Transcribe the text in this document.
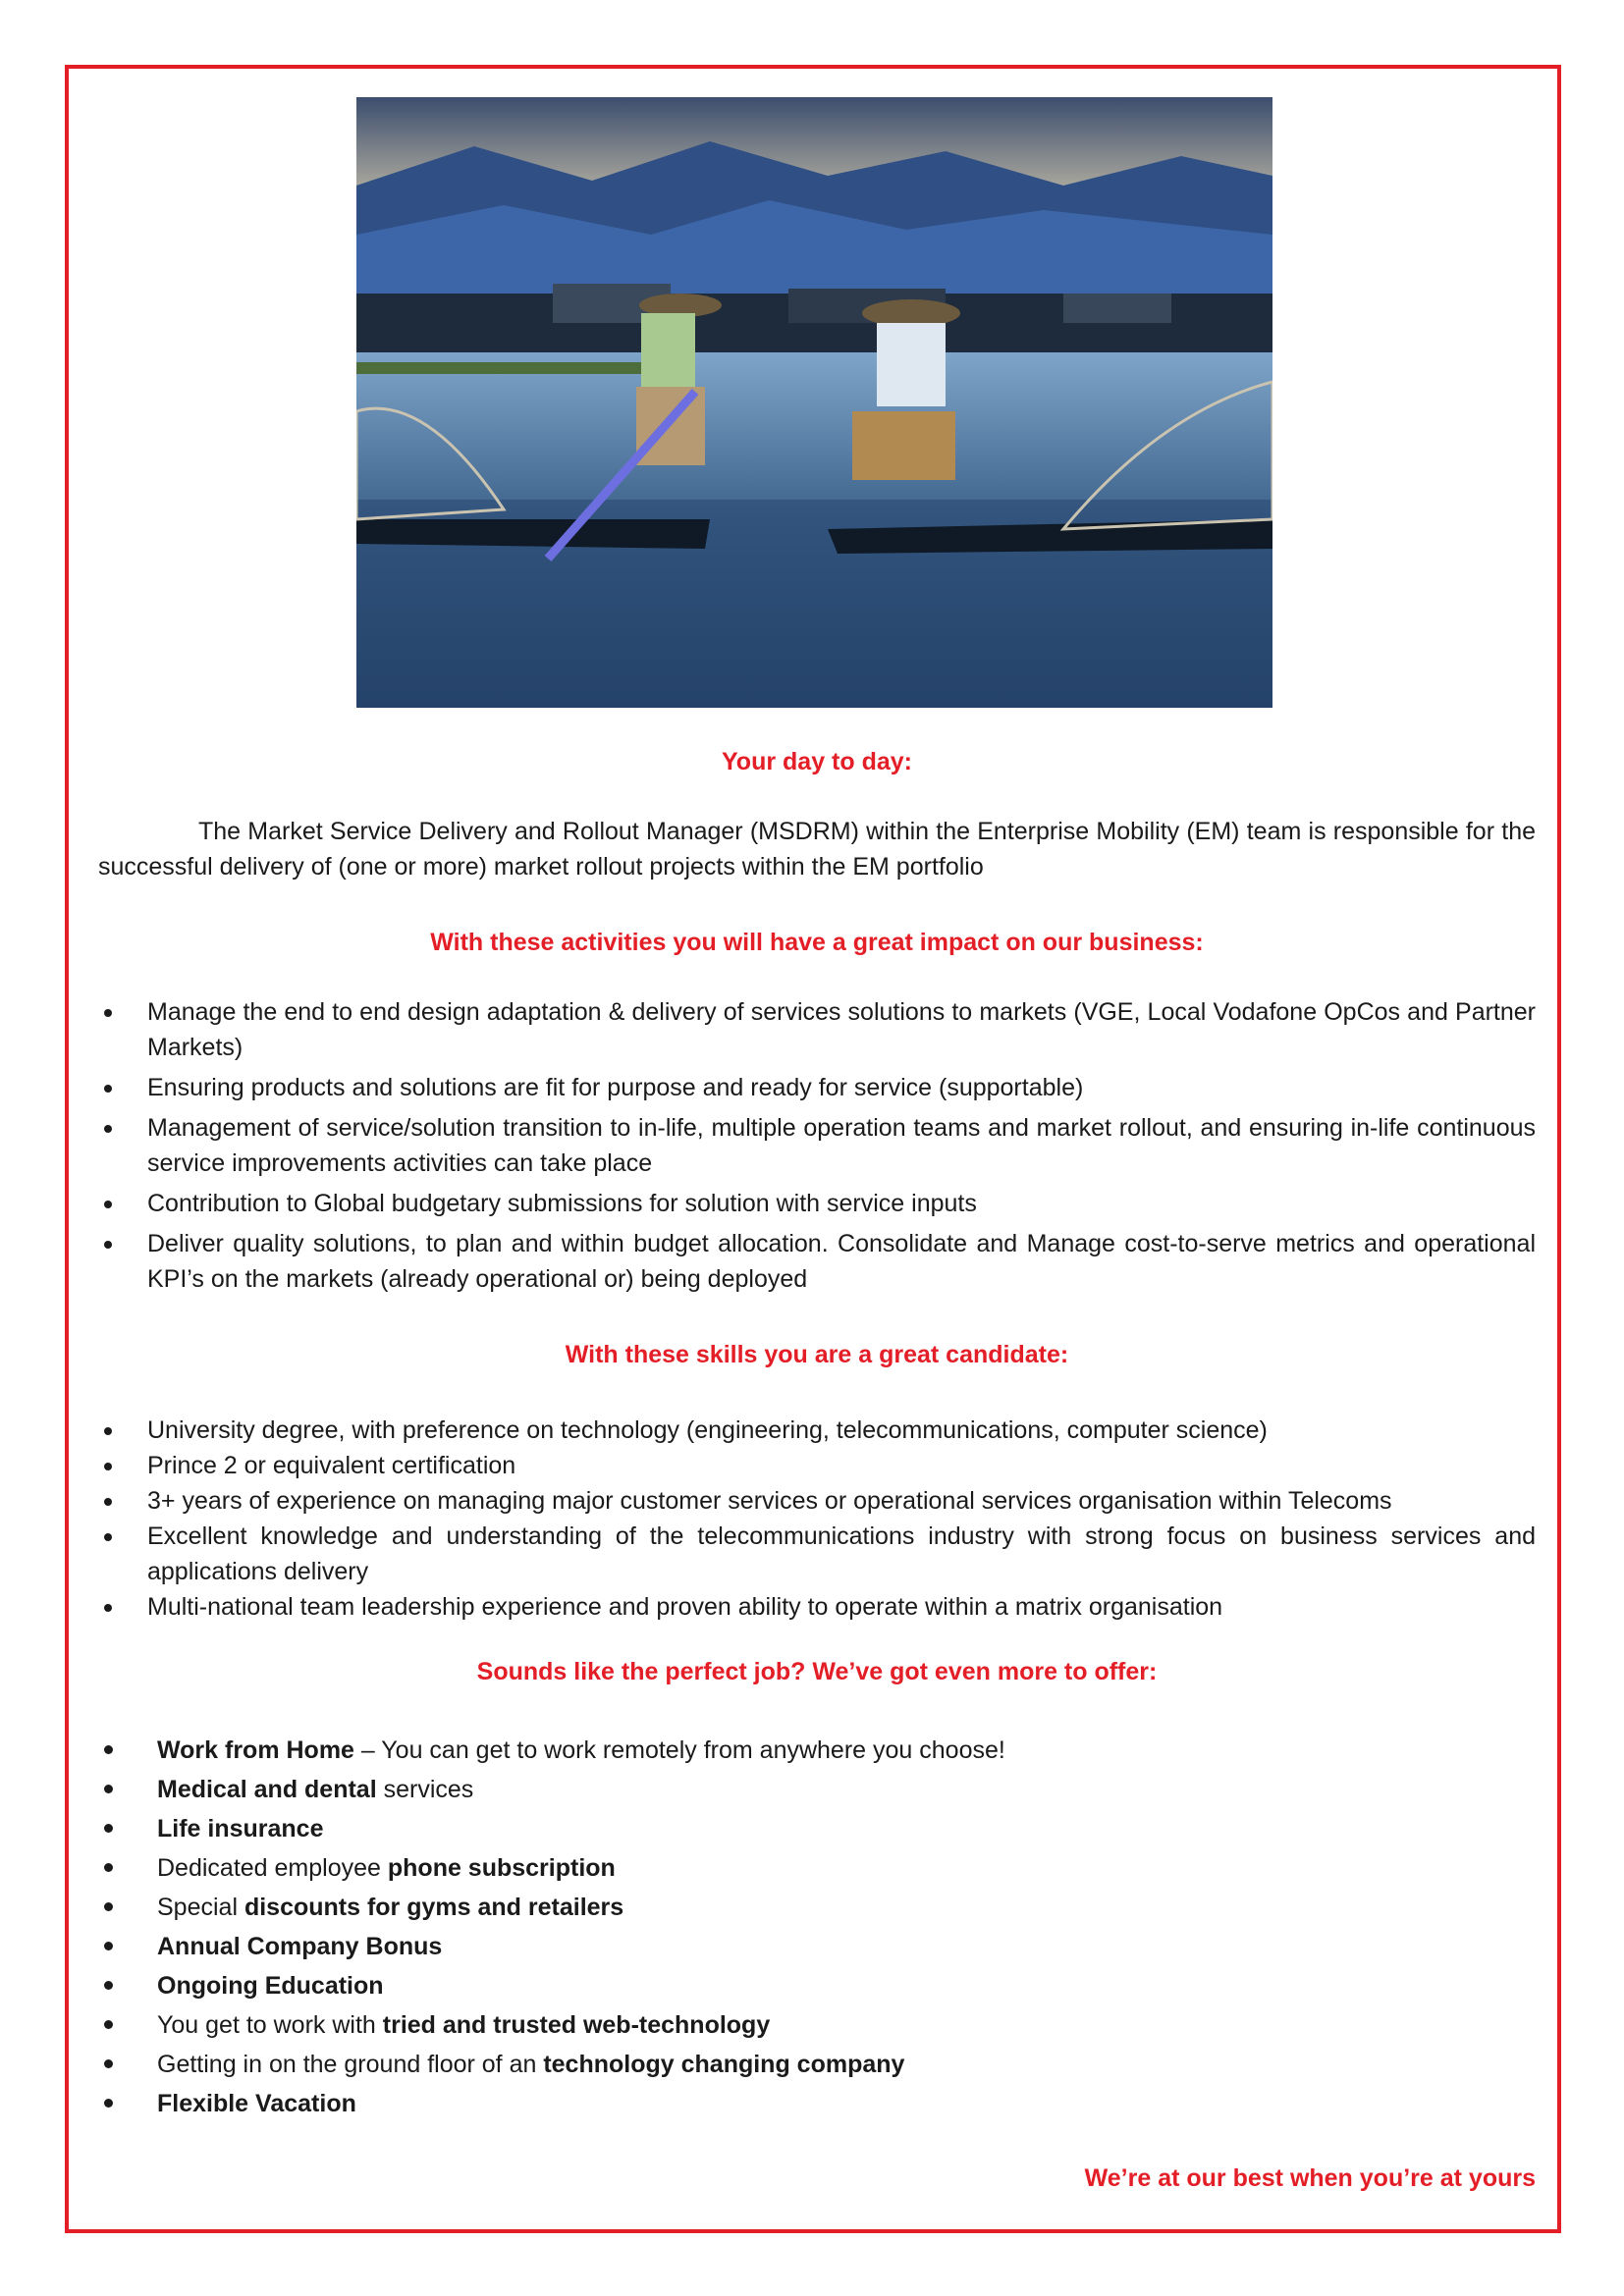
Your day to day:
The Market Service Delivery and Rollout Manager (MSDRM) within the Enterprise Mobility (EM) team is responsible for the successful delivery of (one or more) market rollout projects within the EM portfolio
With these activities you will have a great impact on our business:
Manage the end to end design adaptation & delivery of services solutions to markets (VGE, Local Vodafone OpCos and Partner Markets)
Ensuring products and solutions are fit for purpose and ready for service (supportable)
Management of service/solution transition to in-life, multiple operation teams and market rollout, and ensuring in-life continuous service improvements activities can take place
Contribution to Global budgetary submissions for solution with service inputs
Deliver quality solutions, to plan and within budget allocation. Consolidate and Manage cost-to-serve metrics and operational KPI’s on the markets (already operational or) being deployed
With these skills you are a great candidate:
University degree, with preference on technology (engineering, telecommunications, computer science)
Prince 2 or equivalent certification
3+ years of experience on managing major customer services or operational services organisation within Telecoms
Excellent knowledge and understanding of the telecommunications industry with strong focus on business services and applications delivery
Multi-national team leadership experience and proven ability to operate within a matrix organisation
Sounds like the perfect job? We’ve got even more to offer:
Work from Home – You can get to work remotely from anywhere you choose!
Medical and dental services
Life insurance
Dedicated employee phone subscription
Special discounts for gyms and retailers
Annual Company Bonus
Ongoing Education
You get to work with tried and trusted web-technology
Getting in on the ground floor of an technology changing company
Flexible Vacation
We’re at our best when you’re at yours
